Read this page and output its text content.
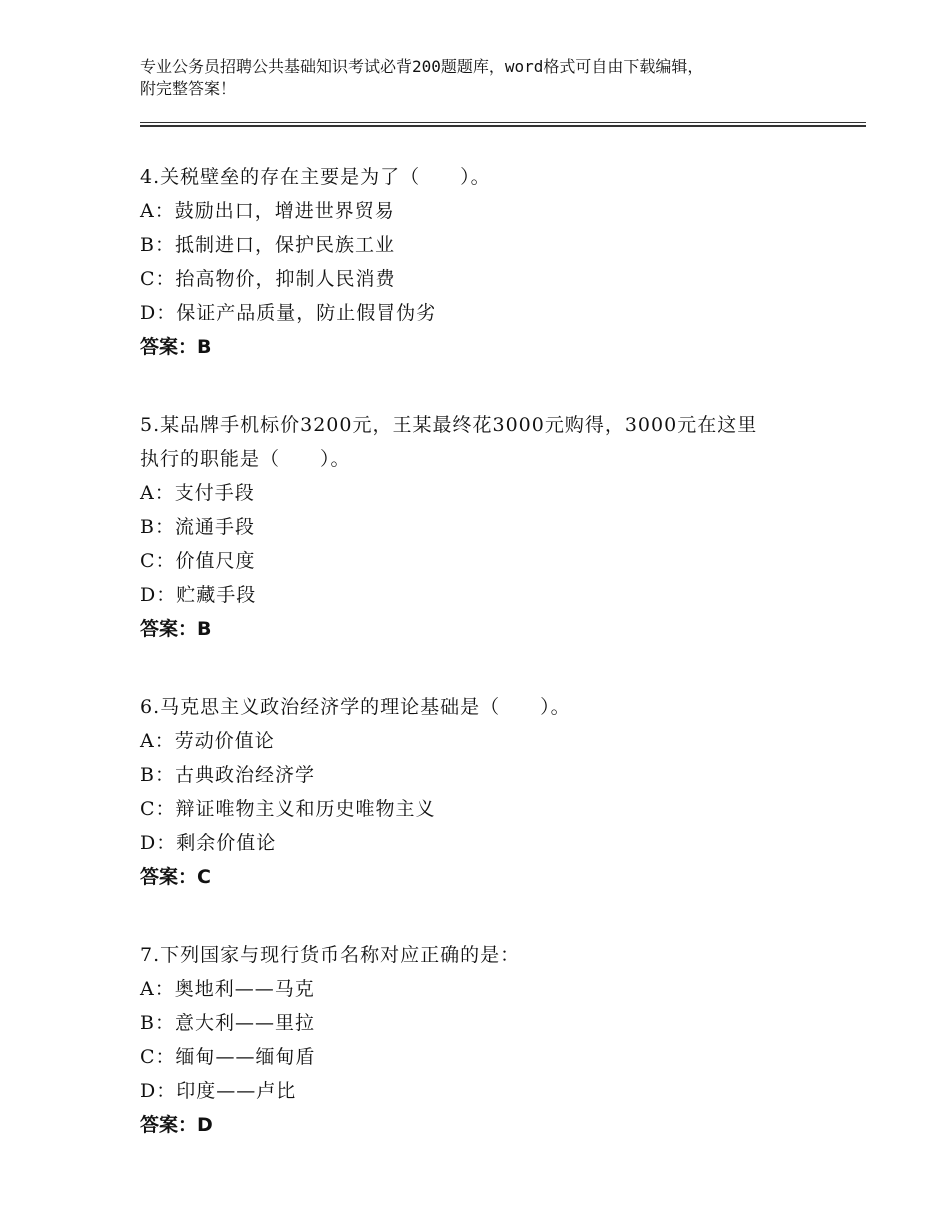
专业公务员招聘公共基础知识考试必背200题题库，word格式可自由下载编辑，
附完整答案！

4.关税壁垒的存在主要是为了（　　）。

A：鼓励出口，增进世界贸易

B：抵制进口，保护民族工业

C：抬高物价，抑制人民消费

D：保证产品质量，防止假冒伪劣

答案：B

5.某品牌手机标价3200元，王某最终花3000元购得，3000元在这里

执行的职能是（　　）。

A：支付手段

B：流通手段

C：价值尺度

D：贮藏手段

答案：B

6.马克思主义政治经济学的理论基础是（　　）。

A：劳动价值论

B：古典政治经济学

C：辩证唯物主义和历史唯物主义

D：剩余价值论

答案：C

7.下列国家与现行货币名称对应正确的是：

A：奥地利——马克

B：意大利——里拉

C：缅甸——缅甸盾

D：印度——卢比

答案：D
